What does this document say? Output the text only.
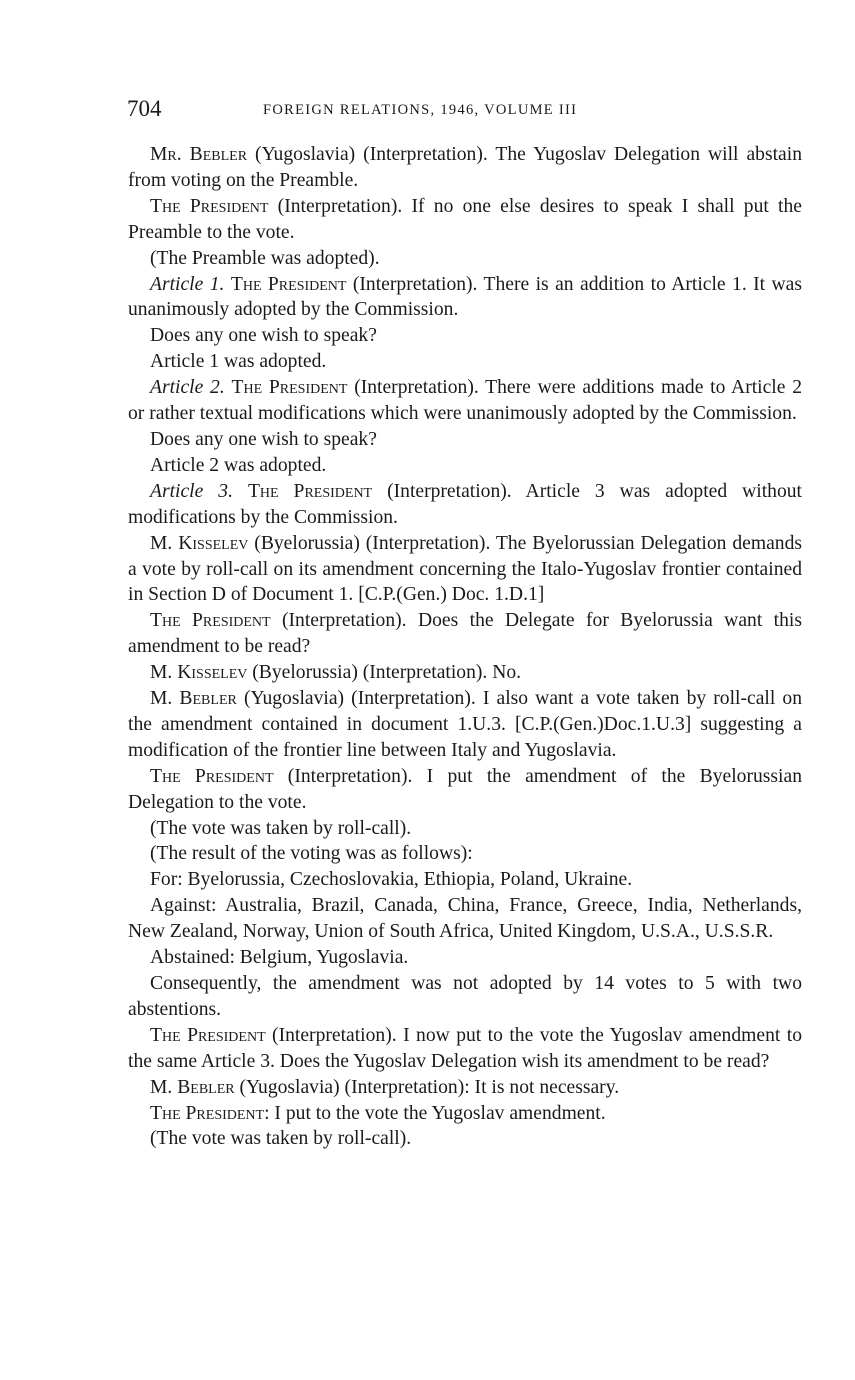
704	FOREIGN RELATIONS, 1946, VOLUME III

Mr. Bebler (Yugoslavia) (Interpretation). The Yugoslav Delegation will abstain from voting on the Preamble.

The President (Interpretation). If no one else desires to speak I shall put the Preamble to the vote.

(The Preamble was adopted).

Article 1. The President (Interpretation). There is an addition to Article 1. It was unanimously adopted by the Commission.

Does any one wish to speak?

Article 1 was adopted.

Article 2. The President (Interpretation). There were additions made to Article 2 or rather textual modifications which were unanimously adopted by the Commission.

Does any one wish to speak?

Article 2 was adopted.

Article 3. The President (Interpretation). Article 3 was adopted without modifications by the Commission.

M. Kisselev (Byelorussia) (Interpretation). The Byelorussian Delegation demands a vote by roll-call on its amendment concerning the Italo-Yugoslav frontier contained in Section D of Document 1. [C.P.(Gen.) Doc. 1.D.1]

The President (Interpretation). Does the Delegate for Byelorussia want this amendment to be read?

M. Kisselev (Byelorussia) (Interpretation). No.

M. Bebler (Yugoslavia) (Interpretation). I also want a vote taken by roll-call on the amendment contained in document 1.U.3. [C.P.(Gen.)Doc.1.U.3] suggesting a modification of the frontier line between Italy and Yugoslavia.

The President (Interpretation). I put the amendment of the Byelorussian Delegation to the vote.

(The vote was taken by roll-call).

(The result of the voting was as follows):

For: Byelorussia, Czechoslovakia, Ethiopia, Poland, Ukraine.

Against: Australia, Brazil, Canada, China, France, Greece, India, Netherlands, New Zealand, Norway, Union of South Africa, United Kingdom, U.S.A., U.S.S.R.

Abstained: Belgium, Yugoslavia.

Consequently, the amendment was not adopted by 14 votes to 5 with two abstentions.

The President (Interpretation). I now put to the vote the Yugoslav amendment to the same Article 3. Does the Yugoslav Delegation wish its amendment to be read?

M. Bebler (Yugoslavia) (Interpretation): It is not necessary.

The President: I put to the vote the Yugoslav amendment.

(The vote was taken by roll-call).
